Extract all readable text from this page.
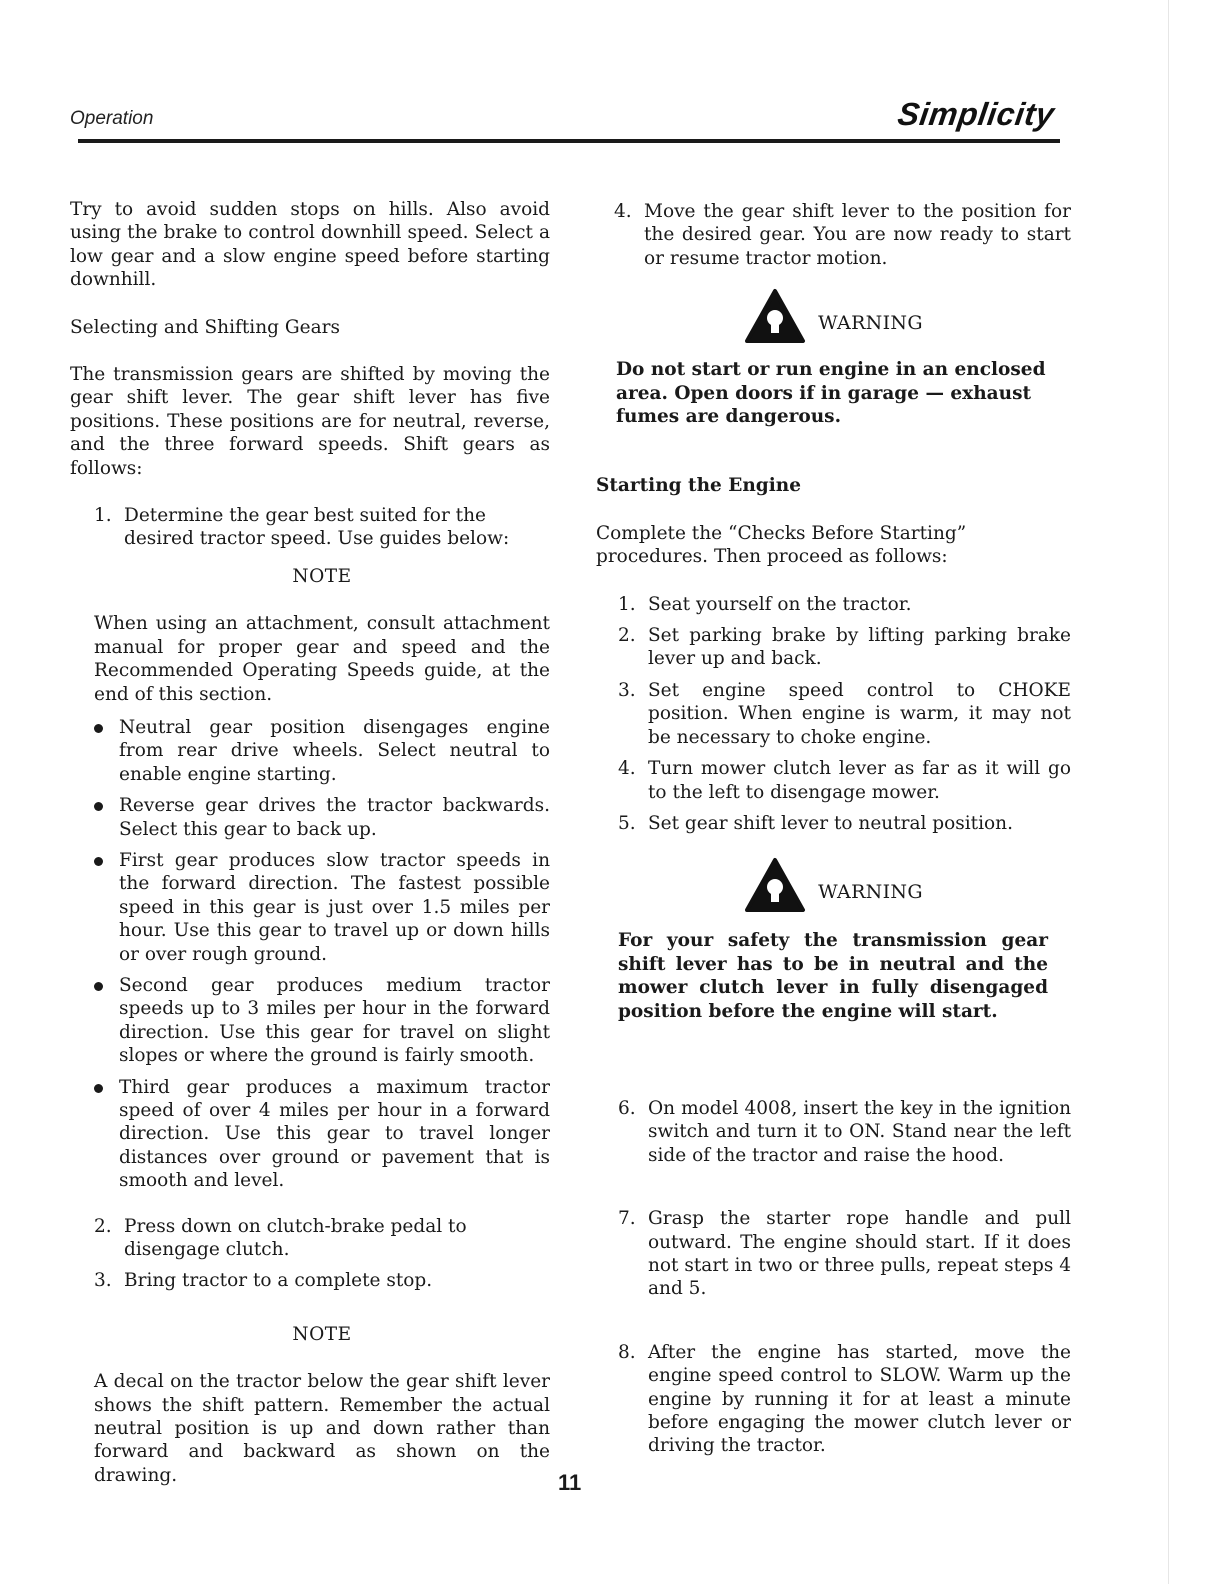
Operation	Simplicity

Try to avoid sudden stops on hills. Also avoid using the brake to control downhill speed. Select a low gear and a slow engine speed before starting downhill.

Selecting and Shifting Gears

The transmission gears are shifted by moving the gear shift lever. The gear shift lever has five positions. These positions are for neutral, reverse, and the three forward speeds. Shift gears as follows:

1. Determine the gear best suited for the desired tractor speed. Use guides below:

NOTE

When using an attachment, consult attachment manual for proper gear and speed and the Recommended Operating Speeds guide, at the end of this section.

Neutral gear position disengages engine from rear drive wheels. Select neutral to enable engine starting.
Reverse gear drives the tractor backwards. Select this gear to back up.
First gear produces slow tractor speeds in the forward direction. The fastest possible speed in this gear is just over 1.5 miles per hour. Use this gear to travel up or down hills or over rough ground.
Second gear produces medium tractor speeds up to 3 miles per hour in the forward direction. Use this gear for travel on slight slopes or where the ground is fairly smooth.
Third gear produces a maximum tractor speed of over 4 miles per hour in a forward direction. Use this gear to travel longer distances over ground or pavement that is smooth and level.
2. Press down on clutch-brake pedal to disengage clutch.
3. Bring tractor to a complete stop.

NOTE

A decal on the tractor below the gear shift lever shows the shift pattern. Remember the actual neutral position is up and down rather than forward and backward as shown on the drawing.

4. Move the gear shift lever to the position for the desired gear. You are now ready to start or resume tractor motion.
WARNING

Do not start or run engine in an enclosed area. Open doors if in garage — exhaust fumes are dangerous.

Starting the Engine

Complete the “Checks Before Starting” procedures. Then proceed as follows:

1. Seat yourself on the tractor.
2. Set parking brake by lifting parking brake lever up and back.
3. Set engine speed control to CHOKE position. When engine is warm, it may not be necessary to choke engine.
4. Turn mower clutch lever as far as it will go to the left to disengage mower.
5. Set gear shift lever to neutral position.
WARNING

For your safety the transmission gear shift lever has to be in neutral and the mower clutch lever in fully disengaged position before the engine will start.

6. On model 4008, insert the key in the ignition switch and turn it to ON. Stand near the left side of the tractor and raise the hood.
7. Grasp the starter rope handle and pull outward. The engine should start. If it does not start in two or three pulls, repeat steps 4 and 5.
8. After the engine has started, move the engine speed control to SLOW. Warm up the engine by running it for at least a minute before engaging the mower clutch lever or driving the tractor.
11
